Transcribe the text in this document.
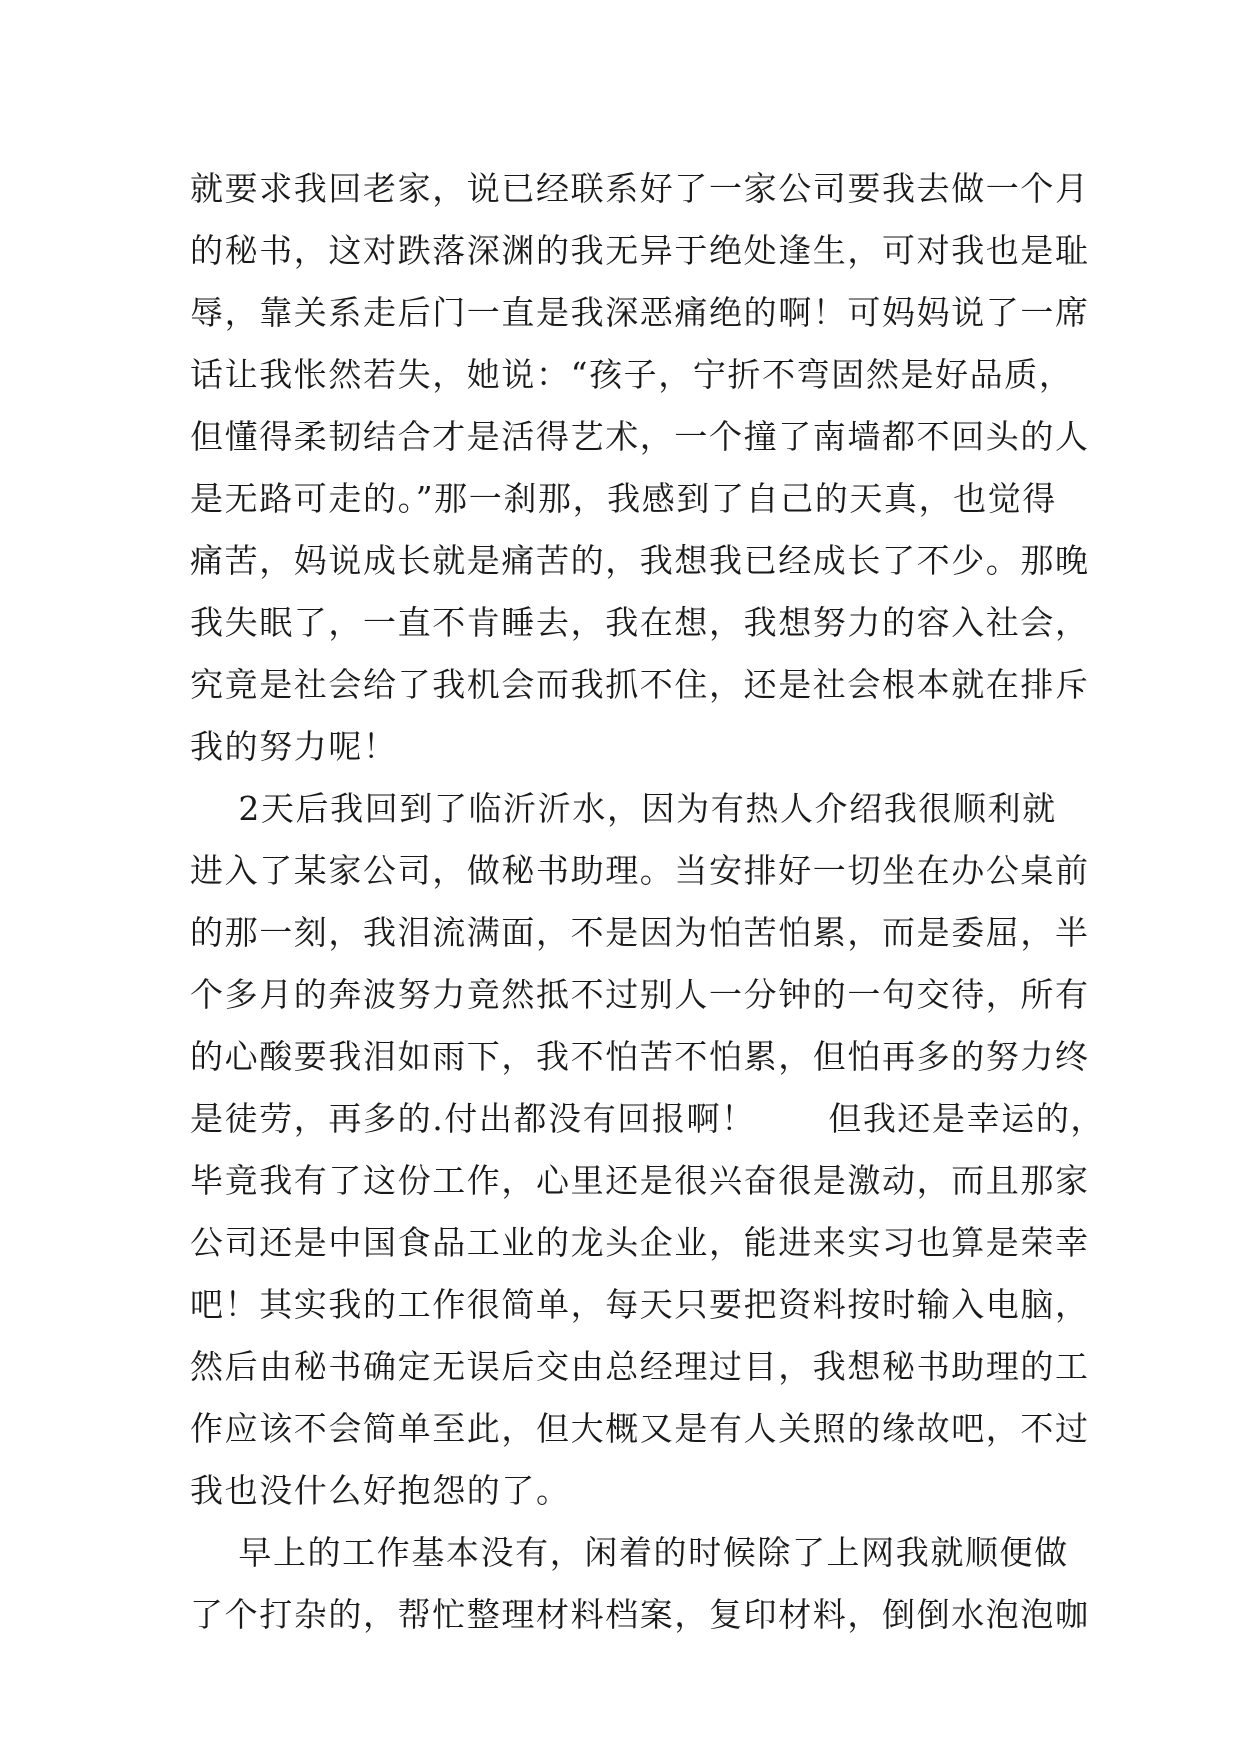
就要求我回老家，说已经联系好了一家公司要我去做一个月

的秘书，这对跌落深渊的我无异于绝处逢生，可对我也是耻

辱，靠关系走后门一直是我深恶痛绝的啊！可妈妈说了一席

话让我怅然若失，她说：“孩子，宁折不弯固然是好品质，

但懂得柔韧结合才是活得艺术，一个撞了南墙都不回头的人

是无路可走的。”那一刹那，我感到了自己的天真，也觉得

痛苦，妈说成长就是痛苦的，我想我已经成长了不少。那晚

我失眠了，一直不肯睡去，我在想，我想努力的容入社会，

究竟是社会给了我机会而我抓不住，还是社会根本就在排斥

我的努力呢！

2天后我回到了临沂沂水，因为有热人介绍我很顺利就

进入了某家公司，做秘书助理。当安排好一切坐在办公桌前

的那一刻，我泪流满面，不是因为怕苦怕累，而是委屈，半

个多月的奔波努力竟然抵不过别人一分钟的一句交待，所有

的心酸要我泪如雨下，我不怕苦不怕累，但怕再多的努力终

是徒劳，再多的.付出都没有回报啊！      但我还是幸运的，

毕竟我有了这份工作，心里还是很兴奋很是激动，而且那家

公司还是中国食品工业的龙头企业，能进来实习也算是荣幸

吧！其实我的工作很简单，每天只要把资料按时输入电脑，

然后由秘书确定无误后交由总经理过目，我想秘书助理的工

作应该不会简单至此，但大概又是有人关照的缘故吧，不过

我也没什么好抱怨的了。

早上的工作基本没有，闲着的时候除了上网我就顺便做

了个打杂的，帮忙整理材料档案，复印材料，倒倒水泡泡咖
